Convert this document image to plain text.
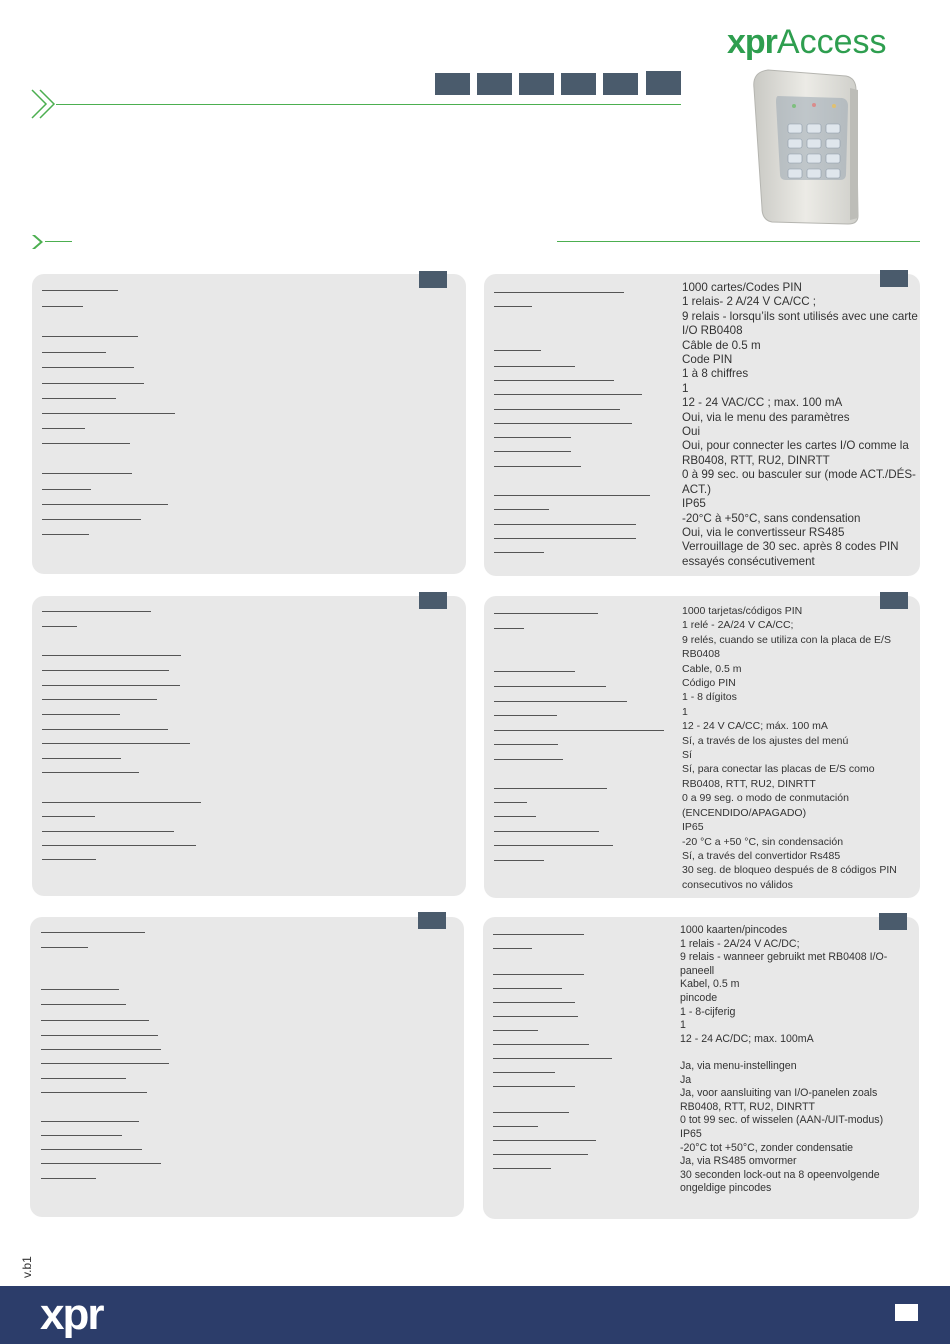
xprAccess
1000 cartes/Codes PIN
1 relais- 2 A/24 V CA/CC ;
9 relais - lorsqu’ils sont utilisés avec une carte
I/O RB0408
Câble de 0.5 m
Code PIN
1 à 8 chiffres
1
12 - 24 VAC/CC ; max. 100 mA
Oui, via le menu des paramètres
Oui
Oui, pour connecter les cartes I/O comme la
RB0408, RTT, RU2, DINRTT
0 à 99 sec. ou basculer sur (mode ACT./DÉS-
ACT.)
IP65
-20°C à +50°C, sans condensation
Oui, via le convertisseur RS485
Verrouillage de 30 sec. après 8 codes PIN
essayés consécutivement
1000 tarjetas/códigos PIN
1 relé - 2A/24 V CA/CC;
9 relés, cuando se utiliza con la placa de E/S RB0408
Cable, 0.5 m
Código PIN
1 - 8 dígitos
1
12 - 24 V CA/CC; máx. 100 mA
Sí, a través de los ajustes del menú
Sí
Sí, para conectar las placas de E/S como
RB0408, RTT, RU2, DINRTT
0 a 99 seg. o modo de conmutación
(ENCENDIDO/APAGADO)
IP65
-20 °C a +50 °C, sin condensación
Sí, a través del convertidor Rs485
30 seg. de bloqueo después de 8 códigos PIN
consecutivos no válidos
1000 kaarten/pincodes
1 relais - 2A/24 V AC/DC;
9 relais - wanneer gebruikt met RB0408 I/O-paneell
Kabel, 0.5 m
pincode
1 - 8-cijferig
1
12 - 24 AC/DC; max. 100mA
Ja, via menu-instellingen
Ja
Ja, voor aansluiting van I/O-panelen zoals
RB0408, RTT, RU2, DINRTT
0 tot 99 sec. of wisselen (AAN-/UIT-modus)
IP65
-20°C tot +50°C, zonder condensatie
Ja, via RS485 omvormer
30 seconden lock-out na 8 opeenvolgende
ongeldige pincodes
v.b1
xpr
